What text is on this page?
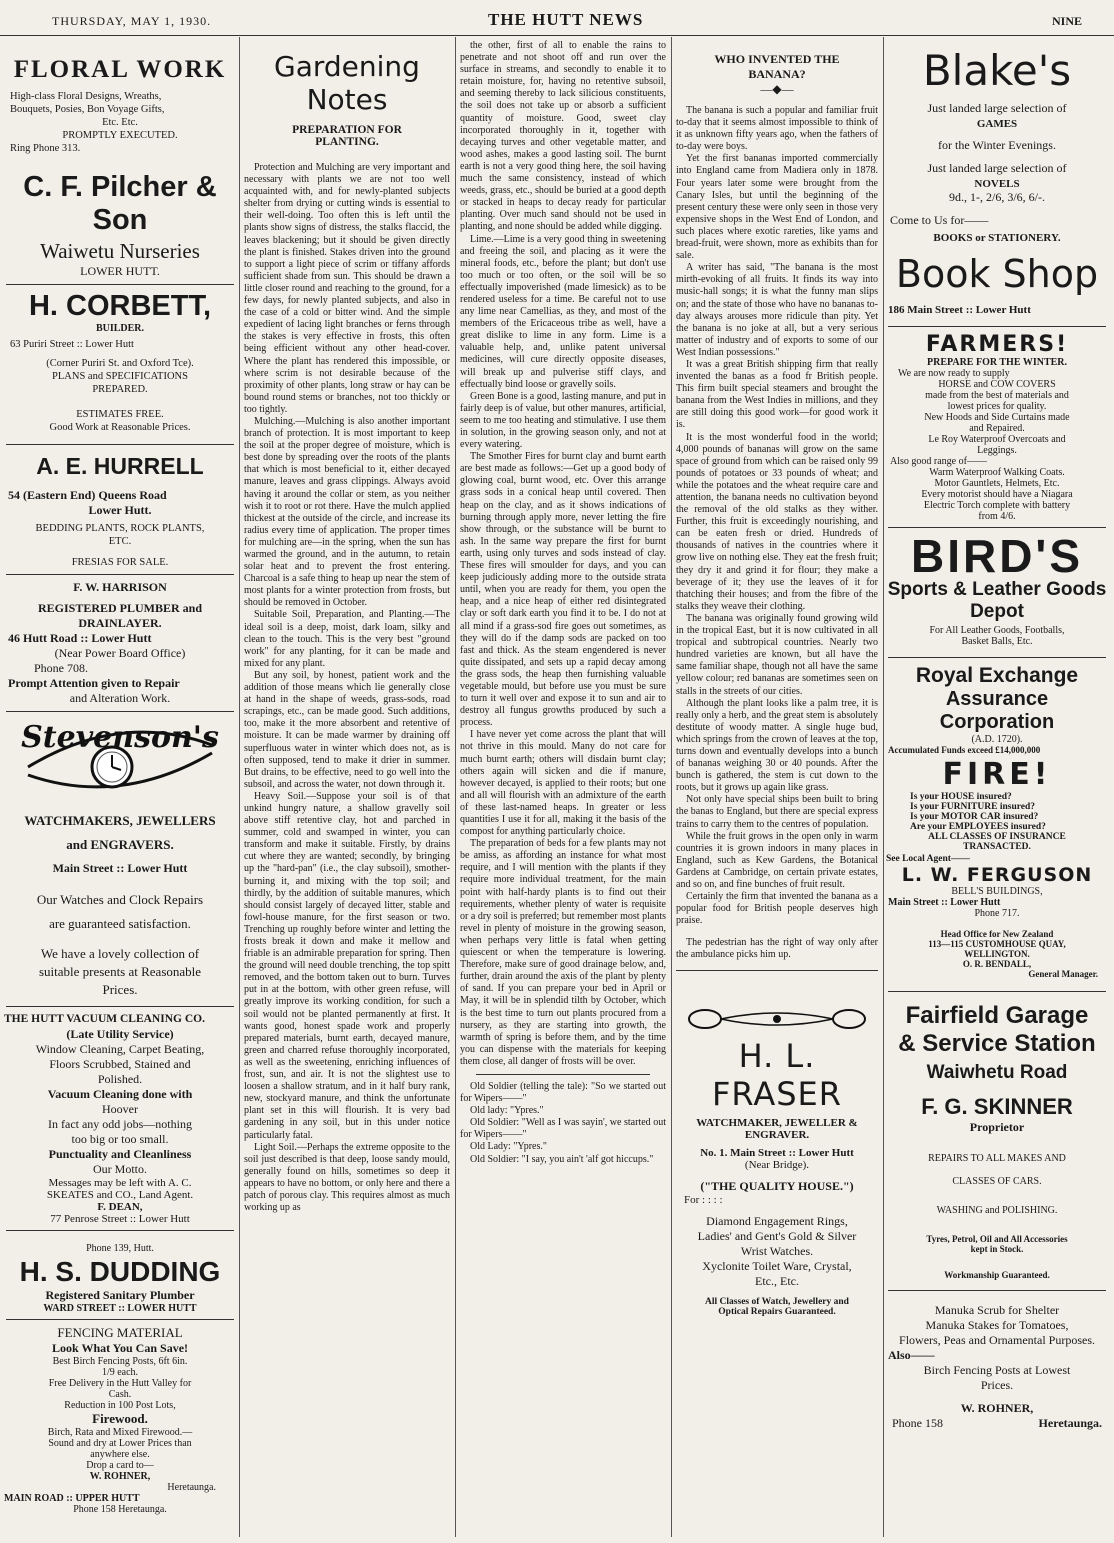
THURSDAY, MAY 1, 1930.	THE HUTT NEWS	NINE
FLORAL WORK
High-class Floral Designs, Wreaths,
Bouquets, Posies, Bon Voyage Gifts,
Etc. Etc.
PROMPTLY EXECUTED.
Ring Phone 313.
C. F. Pilcher & Son
Waiwetu Nurseries
LOWER HUTT.
H. CORBETT,
BUILDER.
63 Puriri Street :: Lower Hutt
(Corner Puriri St. and Oxford Tce).
PLANS and SPECIFICATIONS
PREPARED.
ESTIMATES FREE.
Good Work at Reasonable Prices.
A. E. HURRELL
54 (Eastern End) Queens Road
Lower Hutt.
BEDDING PLANTS, ROCK PLANTS,
ETC.
FRESIAS FOR SALE.
F. W. HARRISON
REGISTERED PLUMBER and
DRAINLAYER.
46 Hutt Road :: Lower Hutt
(Near Power Board Office)
Phone 708.
Prompt Attention given to Repair
and Alteration Work.
Stevenson's
WATCHMAKERS, JEWELLERS
and ENGRAVERS.
Main Street :: Lower Hutt
Our Watches and Clock Repairs
are guaranteed satisfaction.
We have a lovely collection of
suitable presents at Reasonable
Prices.
THE HUTT VACUUM CLEANING CO.
(Late Utility Service)
Window Cleaning, Carpet Beating,
Floors Scrubbed, Stained and
Polished.
Vacuum Cleaning done with
Hoover
In fact any odd jobs—nothing
too big or too small.
Punctuality and Cleanliness
Our Motto.
Messages may be left with A. C.
SKEATES and CO., Land Agent.
F. DEAN,
77 Penrose Street :: Lower Hutt
Phone 139, Hutt.
H. S. DUDDING
Registered Sanitary Plumber
WARD STREET :: LOWER HUTT
FENCING MATERIAL
Look What You Can Save!
Best Birch Fencing Posts, 6ft 6in.
1/9 each.
Free Delivery in the Hutt Valley for
Cash.
Reduction in 100 Post Lots,
Firewood.
Birch, Rata and Mixed Firewood.—
Sound and dry at Lower Prices than
anywhere else.
Drop a card to—
W. ROHNER,
Heretaunga.
MAIN ROAD :: UPPER HUTT
Phone 158 Heretaunga.
Gardening Notes
PREPARATION FOR
PLANTING.

Protection and Mulching are very important and necessary with plants we are not too well acquainted with, and for newly-planted subjects shelter from drying or cutting winds is essential to their well-doing. Too often this is left until the plants show signs of distress, the stalks flaccid, the leaves blackening; but it should be given directly the plant is finished. Stakes driven into the ground to support a light piece of scrim or tiffany affords sufficient shade from sun. This should be drawn a little closer round and reaching to the ground, for a few days, for newly planted subjects, and also in the case of a cold or bitter wind. And the simple expedient of lacing light branches or ferns through the stakes is very effective in frosts, this often being efficient without any other head-cover. Where the plant has rendered this impossible, or where scrim is not desirable because of the proximity of other plants, long straw or hay can be bound round stems or branches, not too thickly or too tightly.

Mulching.—Mulching is also another important branch of protection. It is most important to keep the soil at the proper degree of moisture, which is best done by spreading over the roots of the plants that which is most beneficial to it, either decayed manure, leaves and grass clippings. Always avoid having it around the collar or stem, as you neither wish it to root or rot there. Have the mulch applied thickest at the outside of the circle, and increase its radius every time of application. The proper times for mulching are—in the spring, when the sun has warmed the ground, and in the autumn, to retain solar heat and to prevent the frost entering. Charcoal is a safe thing to heap up near the stem of most plants for a winter protection from frosts, but should be removed in October.

Suitable Soil, Preparation, and Planting.—The ideal soil is a deep, moist, dark loam, silky and clean to the touch. This is the very best "ground work" for any planting, for it can be made and mixed for any plant.

But any soil, by honest, patient work and the addition of those means which lie generally close at hand in the shape of weeds, grass-sods, road scrapings, etc., can be made good. Such additions, too, make it the more absorbent and retentive of moisture. It can be made warmer by draining off superfluous water in winter which does not, as is often supposed, tend to make it drier in summer. But drains, to be effective, need to go well into the subsoil, and across the water, not down through it.

Heavy Soil.—Suppose your soil is of that unkind hungry nature, a shallow gravelly soil above stiff retentive clay, hot and parched in summer, cold and swamped in winter, you can transform and make it suitable. Firstly, by drains cut where they are wanted; secondly, by bringing up the "hard-pan" (i.e., the clay subsoil), smother-burning it, and mixing with the top soil; and thirdly, by the addition of suitable manures, which should consist largely of decayed litter, stable and fowl-house manure, for the first season or two. Trenching up roughly before winter and letting the frosts break it down and make it mellow and friable is an admirable preparation for spring. Then the ground will need double trenching, the top spitt removed, and the bottom taken out to burn. Turves put in at the bottom, with other green refuse, will greatly improve its working condition, for such a soil would not be planted permanently at first. It wants good, honest spade work and properly prepared materials, burnt earth, decayed manure, green and charred refuse thoroughly incorporated, as well as the sweetening, enriching influences of frost, sun, and air. It is not the slightest use to loosen a shallow stratum, and in it half bury rank, new, stockyard manure, and think the unfortunate plant set in this will flourish. It is very bad gardening in any soil, but in this under notice particularly fatal.

Light Soil.—Perhaps the extreme opposite to the soil just described is that deep, loose sandy mould, generally found on hills, sometimes so deep it appears to have no bottom, or only here and there a patch of porous clay. This requires almost as much working up as

the other, first of all to enable the rains to penetrate and not shoot off and run over the surface in streams, and secondly to enable it to retain moisture, for, having no retentive subsoil, and seeming thereby to lack silicious constituents, the soil does not take up or absorb a sufficient quantity of moisture. Good, sweet clay incorporated thoroughly in it, together with decaying turves and other vegetable matter, and wood ashes, makes a good lasting soil. The burnt earth is not a very good thing here, the soil having much the same consistency, instead of which weeds, grass, etc., should be buried at a good depth or stacked in heaps to decay ready for particular planting. Over much sand should not be used in planting, and none should be added while digging.

Lime.—Lime is a very good thing in sweetening and freeing the soil, and placing as it were the mineral foods, etc., before the plant; but don't use too much or too often, or the soil will be so effectually impoverished (made limesick) as to be rendered useless for a time. Be careful not to use any lime near Camellias, as they, and most of the members of the Ericaceous tribe as well, have a great dislike to lime in any form. Lime is a valuable help, and, unlike patent universal medicines, will cure directly opposite diseases, will break up and pulverise stiff clays, and effectually bind loose or gravelly soils.

Green Bone is a good, lasting manure, and put in fairly deep is of value, but other manures, artificial, seem to me too heating and stimulative. I use them in solution, in the growing season only, and not at every watering.

The Smother Fires for burnt clay and burnt earth are best made as follows:—Get up a good body of glowing coal, burnt wood, etc. Over this arrange grass sods in a conical heap until covered. Then heap on the clay, and as it shows indications of burning through apply more, never letting the fire show through, or the substance will be burnt to ash. In the same way prepare the first for burnt earth, using only turves and sods instead of clay. These fires will smoulder for days, and you can keep judiciously adding more to the outside strata until, when you are ready for them, you open the heap, and a nice heap of either red disintegrated clay or soft dark earth you find it to be. I do not at all mind if a grass-sod fire goes out sometimes, as they will do if the damp sods are packed on too fast and thick. As the steam engendered is never quite dissipated, and sets up a rapid decay among the grass sods, the heap then furnishing valuable vegetable mould, but before use you must be sure to turn it well over and expose it to sun and air to destroy all fungus growths produced by such a process.

I have never yet come across the plant that will not thrive in this mould. Many do not care for much burnt earth; others will disdain burnt clay; others again will sicken and die if manure, however decayed, is applied to their roots; but one and all will flourish with an admixture of the earth of these last-named heaps. In greater or less quantities I use it for all, making it the basis of the compost for anything particularly choice.

The preparation of beds for a few plants may not be amiss, as affording an instance for what most require, and I will mention with the plants if they require more individual treatment, for the main point with half-hardy plants is to find out their requirements, whether plenty of water is requisite or a dry soil is preferred; but remember most plants revel in plenty of moisture in the growing season, when perhaps very little is fatal when getting quiescent or when the temperature is lowering. Therefore, make sure of good drainage below, and, further, drain around the axis of the plant by plenty of sand. If you can prepare your bed in April or May, it will be in splendid tilth by October, which is the best time to turn out plants procured from a nursery, as they are starting into growth, the warmth of spring is before them, and by the time you can dispense with the materials for keeping them close, all danger of frosts will be over.

Old Soldier (telling the tale): "So we started out for Wipers——"

Old lady: "Ypres."

Old Soldier: "Well as I was sayin', we started out for Wipers——"

Old Lady: "Ypres."

Old Soldier: "I say, you ain't 'alf got hiccups."

WHO INVENTED THE
BANANA?
—◆—

The banana is such a popular and familiar fruit to-day that it seems almost impossible to think of it as unknown fifty years ago, when the fathers of to-day were boys.

Yet the first bananas imported commercially into England came from Madiera only in 1878. Four years later some were brought from the Canary Isles, but until the beginning of the present century these were only seen in those very expensive shops in the West End of London, and such places where exotic rareties, like yams and bread-fruit, were shown, more as exhibits than for sale.

A writer has said, "The banana is the most mirth-evoking of all fruits. It finds its way into music-hall songs; it is what the funny man slips on; and the state of those who have no bananas to-day always arouses more ridicule than pity. Yet the banana is no joke at all, but a very serious matter of industry and of exports to some of our West Indian possessions."

It was a great British shipping firm that really invented the banas as a food fr British people. This firm built special steamers and brought the banana from the West Indies in millions, and they are still doing this good work—for good work it is.

It is the most wonderful food in the world; 4,000 pounds of bananas will grow on the same space of ground from which can be raised only 99 pounds of potatoes or 33 pounds of wheat; and while the potatoes and the wheat require care and attention, the banana needs no cultivation beyond the removal of the old stalks as they wither. Further, this fruit is exceedingly nourishing, and can be eaten fresh or dried. Hundreds of thousands of natives in the countries where it grow live on nothing else. They eat the fresh fruit; they dry it and grind it for flour; they make a beverage of it; they use the leaves of it for thatching their houses; and from the fibre of the stalks they weave their clothing.

The banana was originally found growing wild in the tropical East, but it is now cultivated in all tropical and subtropical countries. Nearly two hundred varieties are known, but all have the same familiar shape, though not all have the same yellow colour; red bananas are sometimes seen on stalls in the streets of our cities.

Although the plant looks like a palm tree, it is really only a herb, and the great stem is absolutely destitute of woody matter. A single huge bud, which springs from the crown of leaves at the top, turns down and eventually develops into a bunch of bananas weighing 30 or 40 pounds. After the bunch is gathered, the stem is cut down to the roots, but it grows up again like grass.

Not only have special ships been built to bring the banas to England, but there are special express trains to carry them to the centres of population.

While the fruit grows in the open only in warm countries it is grown indoors in many places in England, such as Kew Gardens, the Botanical Gardens at Cambridge, on certain private estates, and so on, and fine bunches of fruit result.

Certainly the firm that invented the banana as a popular food for British people deserves high praise.

The pedestrian has the right of way only after the ambulance picks him up.

H. L. FRASER
WATCHMAKER, JEWELLER &
ENGRAVER.
No. 1. Main Street :: Lower Hutt
(Near Bridge).
("THE QUALITY HOUSE.")
For : : : :
Diamond Engagement Rings,
Ladies' and Gent's Gold & Silver
Wrist Watches.
Xyclonite Toilet Ware, Crystal,
Etc., Etc.
All Classes of Watch, Jewellery and
Optical Repairs Guaranteed.
Blake's
Just landed large selection of
GAMES
for the Winter Evenings.
Just landed large selection of
NOVELS
9d., 1-, 2/6, 3/6, 6/-.
Come to Us for——
BOOKS or STATIONERY.
Book Shop
186 Main Street :: Lower Hutt
FARMERS!
PREPARE FOR THE WINTER.
We are now ready to supply
HORSE and COW COVERS
made from the best of materials and
lowest prices for quality.
New Hoods and Side Curtains made
and Repaired.
Le Roy Waterproof Overcoats and
Leggings.
Also good range of——
Warm Waterproof Walking Coats.
Motor Gauntlets, Helmets, Etc.
Every motorist should have a Niagara
Electric Torch complete with battery
from 4/6.
BIRD'S
Sports & Leather Goods
Depot
For All Leather Goods, Footballs,
Basket Balls, Etc.
Royal Exchange
Assurance Corporation
(A.D. 1720).
Accumulated Funds exceed £14,000,000
FIRE!
Is your HOUSE insured?
Is your FURNITURE insured?
Is your MOTOR CAR insured?
Are your EMPLOYEES insured?
ALL CLASSES OF INSURANCE
TRANSACTED.
See Local Agent——
L. W. FERGUSON
BELL'S BUILDINGS,
Main Street :: Lower Hutt
Phone 717.
Head Office for New Zealand
113—115 CUSTOMHOUSE QUAY,
WELLINGTON.
O. R. BENDALL,
General Manager.
Fairfield Garage
& Service Station
Waiwhetu Road
F. G. SKINNER
Proprietor
REPAIRS TO ALL MAKES AND
CLASSES OF CARS.
WASHING and POLISHING.
Tyres, Petrol, Oil and All Accessories
kept in Stock.
Workmanship Guaranteed.
Manuka Scrub for Shelter
Manuka Stakes for Tomatoes,
Flowers, Peas and Ornamental Purposes.
Also——
Birch Fencing Posts at Lowest
Prices.
W. ROHNER,
Phone 158	Heretaunga.
